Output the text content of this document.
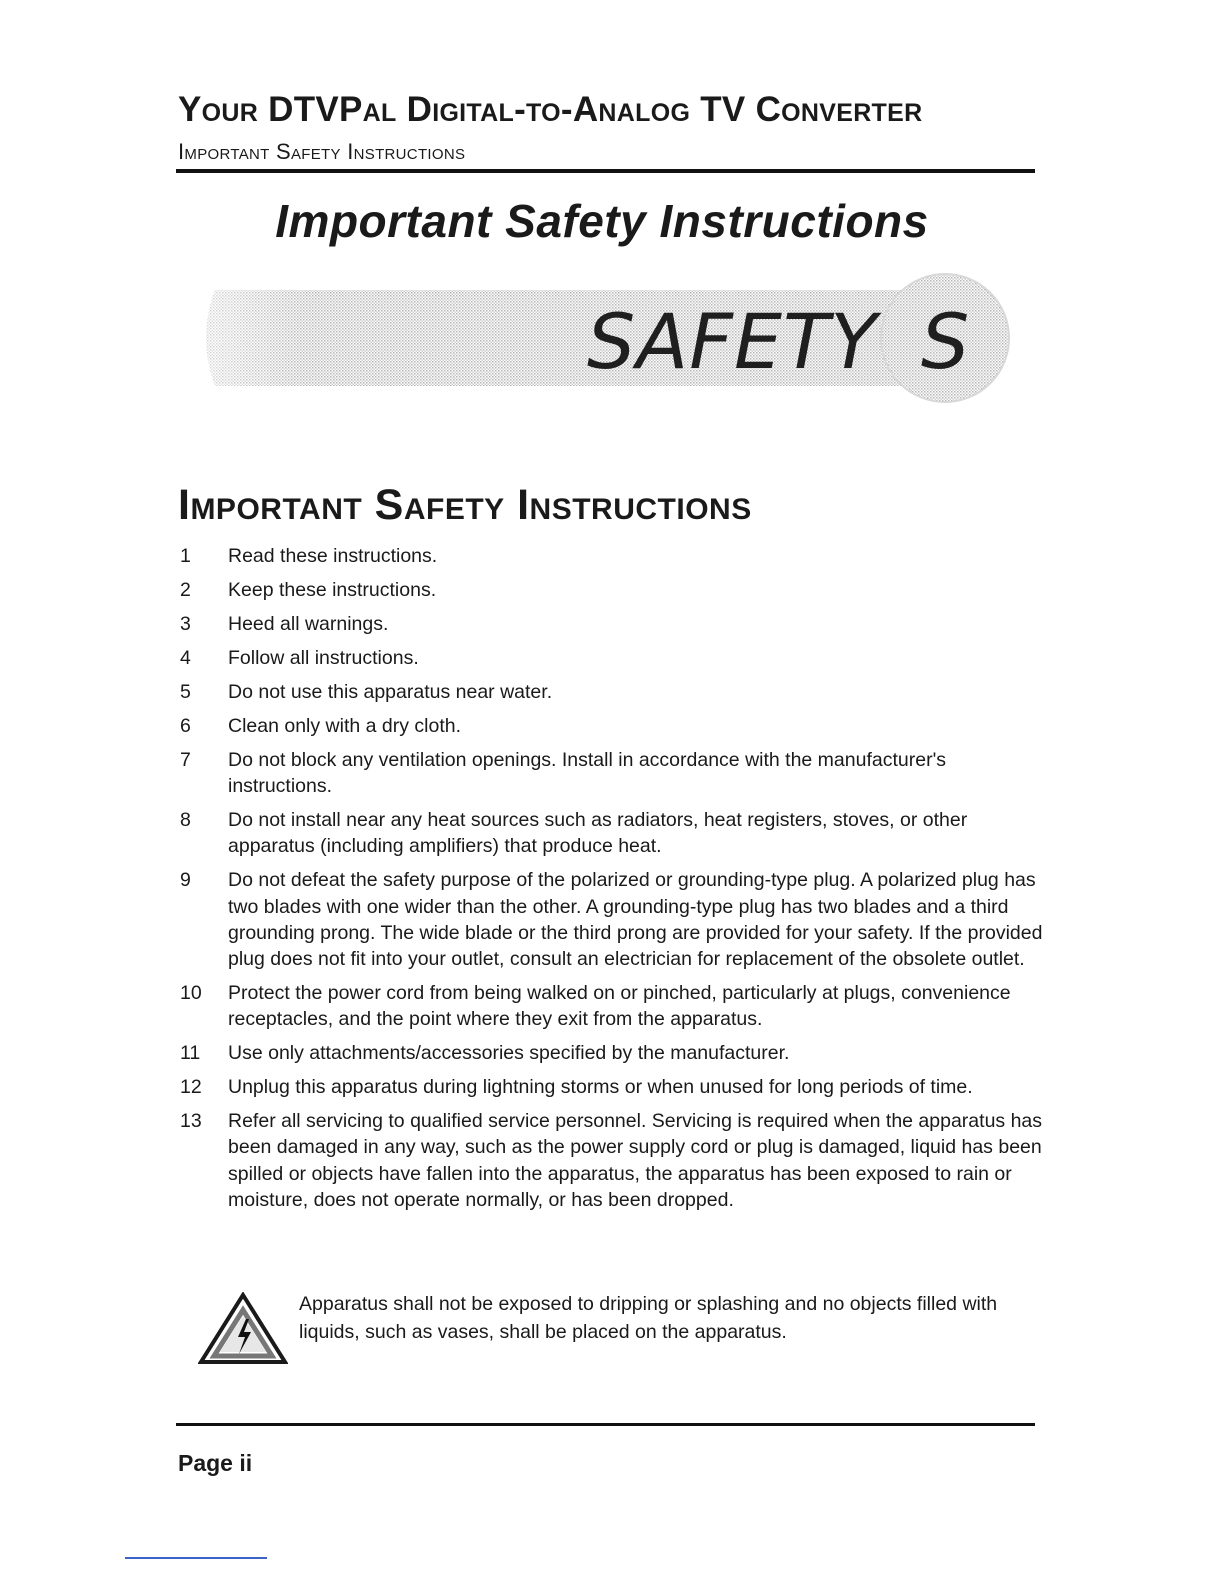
Your DTVPal Digital-to-Analog TV Converter
Important Safety Instructions
Important Safety Instructions
SAFETY S
Important Safety Instructions
1	Read these instructions.
2	Keep these instructions.
3	Heed all warnings.
4	Follow all instructions.
5	Do not use this apparatus near water.
6	Clean only with a dry cloth.
7	Do not block any ventilation openings. Install in accordance with the manufacturer's instructions.
8	Do not install near any heat sources such as radiators, heat registers, stoves, or other apparatus (including amplifiers) that produce heat.
9	Do not defeat the safety purpose of the polarized or grounding-type plug. A polarized plug has two blades with one wider than the other. A grounding-type plug has two blades and a third grounding prong. The wide blade or the third prong are provided for your safety. If the provided plug does not fit into your outlet, consult an electrician for replacement of the obsolete outlet.
10	Protect the power cord from being walked on or pinched, particularly at plugs, convenience receptacles, and the point where they exit from the apparatus.
11	Use only attachments/accessories specified by the manufacturer.
12	Unplug this apparatus during lightning storms or when unused for long periods of time.
13	Refer all servicing to qualified service personnel. Servicing is required when the apparatus has been damaged in any way, such as the power supply cord or plug is damaged, liquid has been spilled or objects have fallen into the apparatus, the apparatus has been exposed to rain or moisture, does not operate normally, or has been dropped.

Apparatus shall not be exposed to dripping or splashing and no objects filled with liquids, such as vases, shall be placed on the apparatus.

Page ii
